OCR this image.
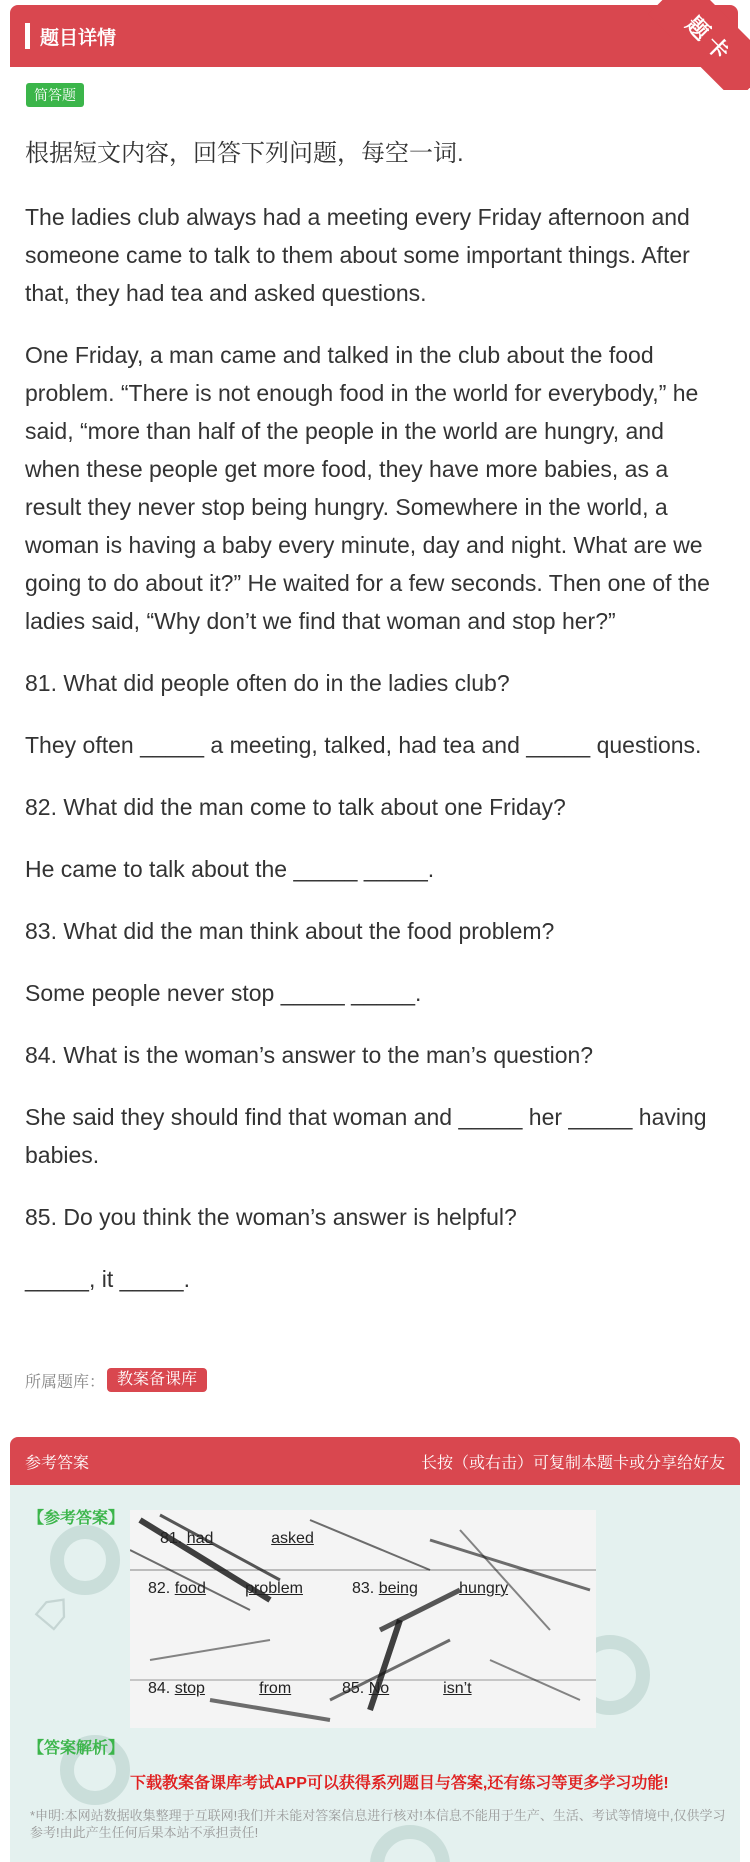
题目详情	题卡
简答题

根据短文内容，回答下列问题，每空一词.

The ladies club always had a meeting every Friday afternoon and someone came to talk to them about some important things. After that, they had tea and asked questions.

One Friday, a man came and talked in the club about the food problem. “There is not enough food in the world for everybody,” he said, “more than half of the people in the world are hungry, and when these people get more food, they have more babies, as a result they never stop being hungry. Somewhere in the world, a woman is having a baby every minute, day and night. What are we going to do about it?” He waited for a few seconds. Then one of the ladies said, “Why don’t we find that woman and stop her?”

81. What did people often do in the ladies club?

They often _____ a meeting, talked, had tea and _____ questions.

82. What did the man come to talk about one Friday?

He came to talk about the _____ _____.

83. What did the man think about the food problem?

Some people never stop _____ _____.

84. What is the woman’s answer to the man’s question?

She said they should find that woman and _____ her _____ having babies.

85. Do you think the woman’s answer is helpful?

_____, it _____.

所属题库： 教案备课库
参考答案	长按（或右击）可复制本题卡或分享给好友
⌂
【参考答案】
81. had	asked
82. food problem	83. being	hungry
84. stop	from	85. No	isn’t
【答案解析】
下载教案备课库考试APP可以获得系列题目与答案,还有练习等更多学习功能!
*申明:本网站数据收集整理于互联网!我们并未能对答案信息进行核对!本信息不能用于生产、生活、考试等情境中,仅供学习参考!由此产生任何后果本站不承担责任!
